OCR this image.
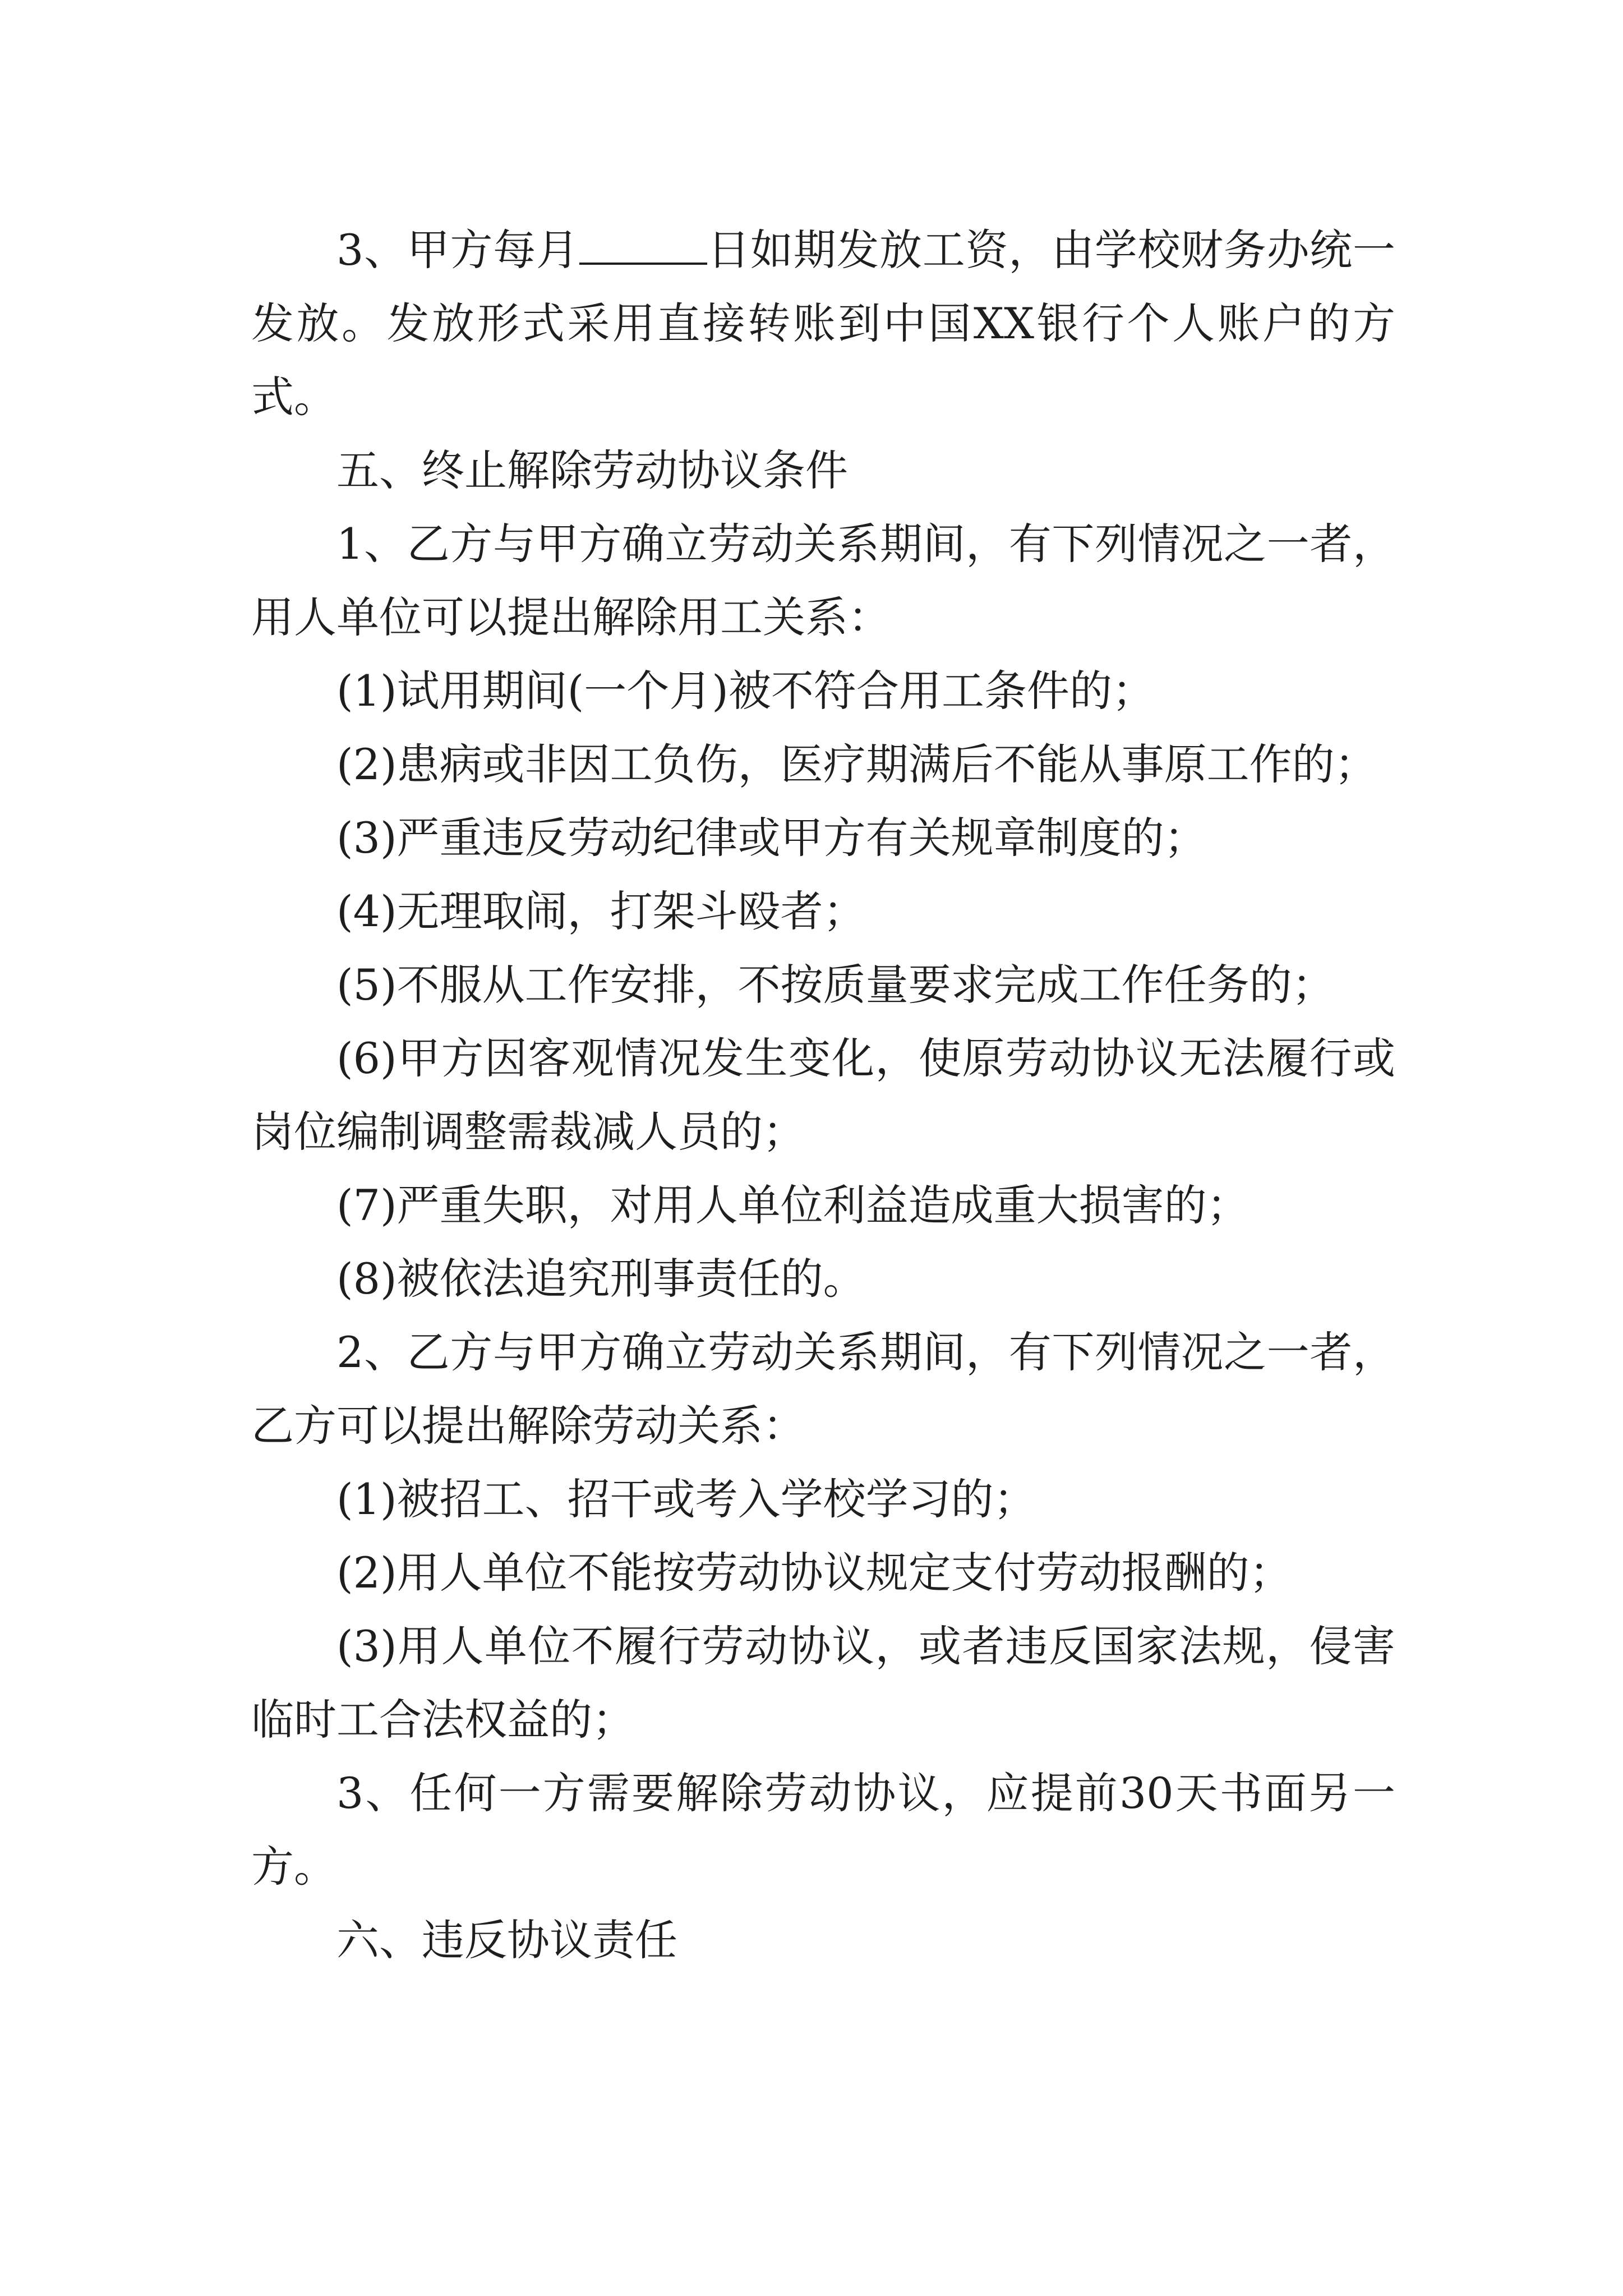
3、甲方每月	日如期发放工资，由学校财务办统一发放。发放形式采用直接转账到中国XX银行个人账户的方式。

五、终止解除劳动协议条件

1、乙方与甲方确立劳动关系期间，有下列情况之一者，用人单位可以提出解除用工关系：

(1)试用期间(一个月)被不符合用工条件的；

(2)患病或非因工负伤，医疗期满后不能从事原工作的；

(3)严重违反劳动纪律或甲方有关规章制度的；

(4)无理取闹，打架斗殴者；

(5)不服从工作安排，不按质量要求完成工作任务的；

(6)甲方因客观情况发生变化，使原劳动协议无法履行或岗位编制调整需裁减人员的；

(7)严重失职，对用人单位利益造成重大损害的；

(8)被依法追究刑事责任的。

2、乙方与甲方确立劳动关系期间，有下列情况之一者，乙方可以提出解除劳动关系：

(1)被招工、招干或考入学校学习的；

(2)用人单位不能按劳动协议规定支付劳动报酬的；

(3)用人单位不履行劳动协议，或者违反国家法规，侵害临时工合法权益的；

3、任何一方需要解除劳动协议，应提前30天书面另一方。

六、违反协议责任
